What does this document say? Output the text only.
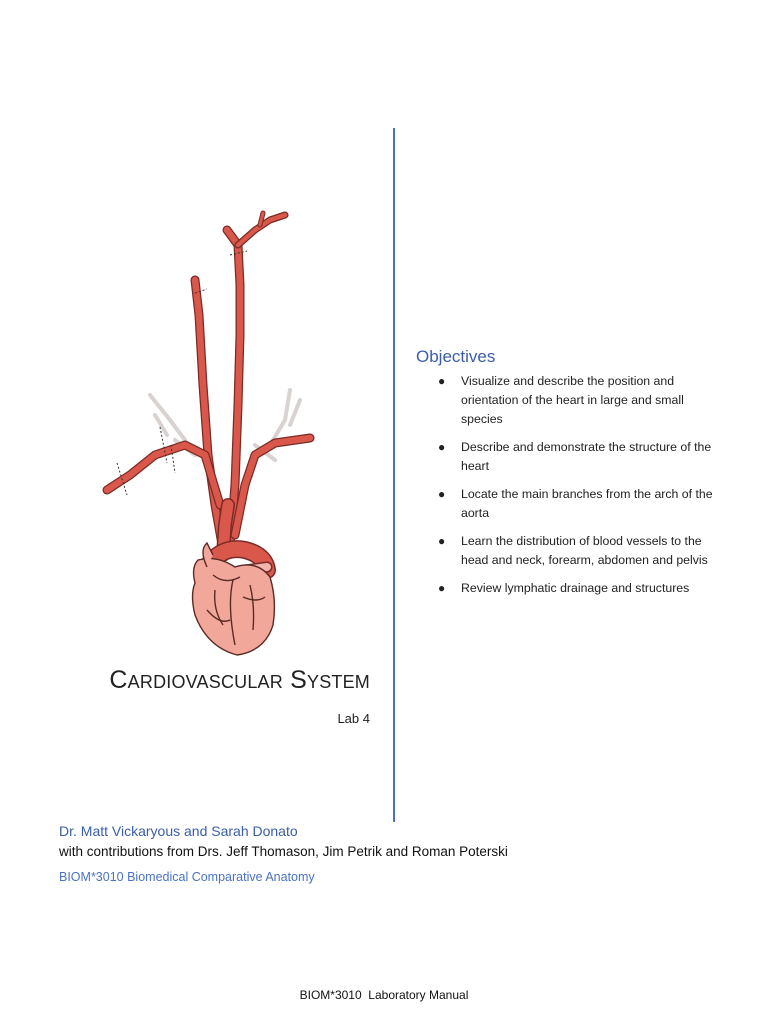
Cardiovascular System
Lab 4
Objectives
● Visualize and describe the position and orientation of the heart in large and small species
● Describe and demonstrate the structure of the heart
● Locate the main branches from the arch of the aorta
● Learn the distribution of blood vessels to the head and neck, forearm, abdomen and pelvis
● Review lymphatic drainage and structures
Dr. Matt Vickaryous and Sarah Donato
with contributions from Drs. Jeff Thomason, Jim Petrik and Roman Poterski
BIOM*3010 Biomedical Comparative Anatomy
BIOM*3010  Laboratory Manual
